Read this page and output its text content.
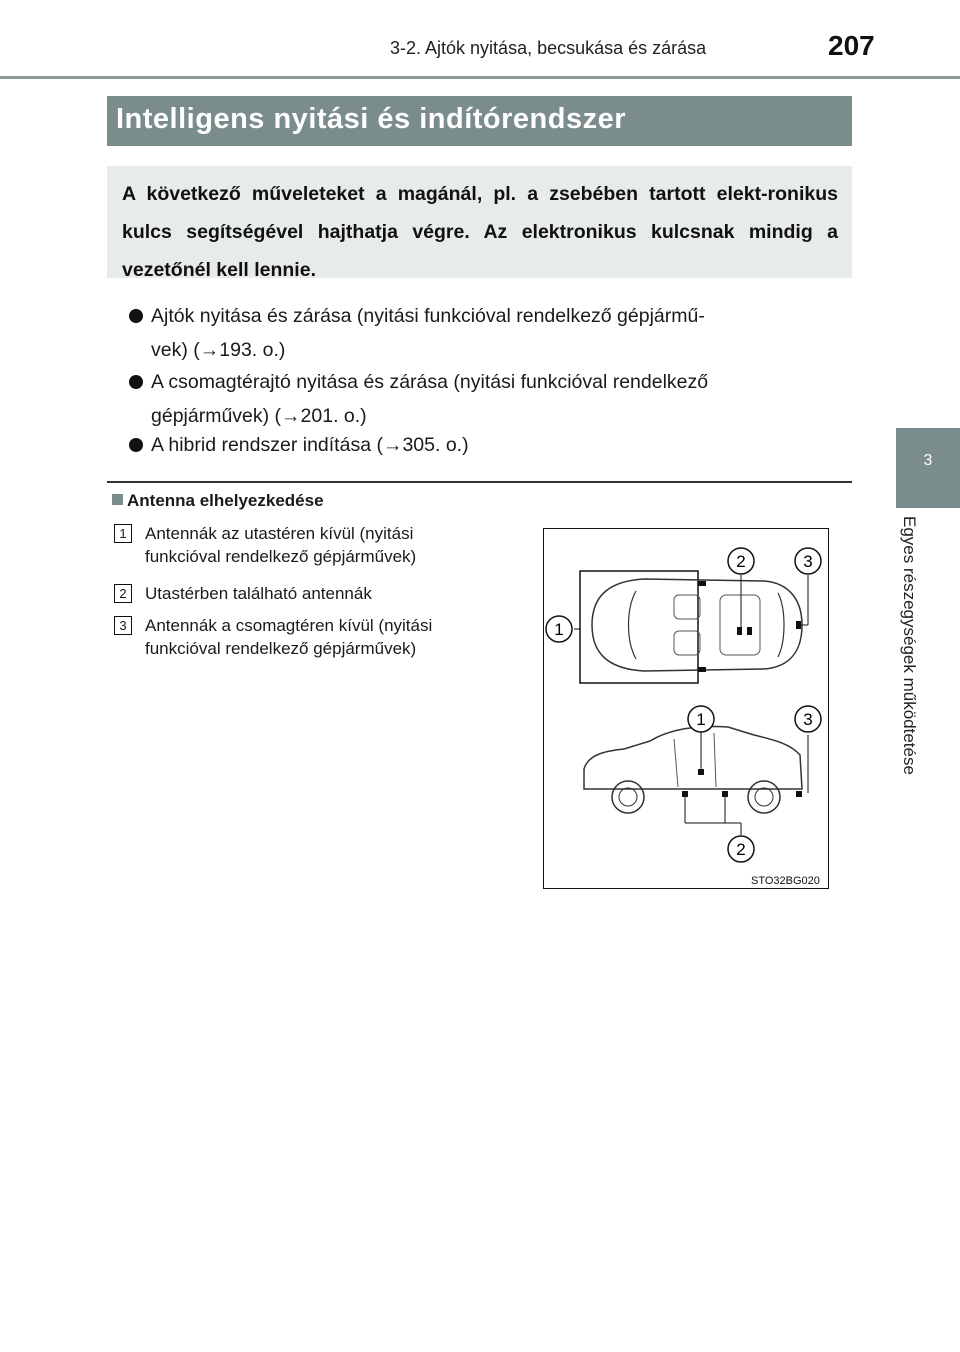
3-2. Ajtók nyitása, becsukása és zárása	207
Intelligens nyitási és indítórendszer
A következő műveleteket a magánál, pl. a zsebében tartott elekt-ronikus kulcs segítségével hajthatja végre. Az elektronikus kulcsnak mindig a vezetőnél kell lennie.
Ajtók nyitása és zárása (nyitási funkcióval rendelkező gépjármű-
vek) (→193. o.)
A csomagtérajtó nyitása és zárása (nyitási funkcióval rendelkező
gépjárművek) (→201. o.)
A hibrid rendszer indítása (→305. o.)
Antenna elhelyezkedése
1	Antennák az utastéren kívül (nyitási
funkcióval rendelkező gépjárművek)
2	Utastérben található antennák
3	Antennák a csomagtéren kívül (nyitási
funkcióval rendelkező gépjárművek)
1
2	3
1	3
2
STO32BG020
3
Egyes részegységek működtetése
